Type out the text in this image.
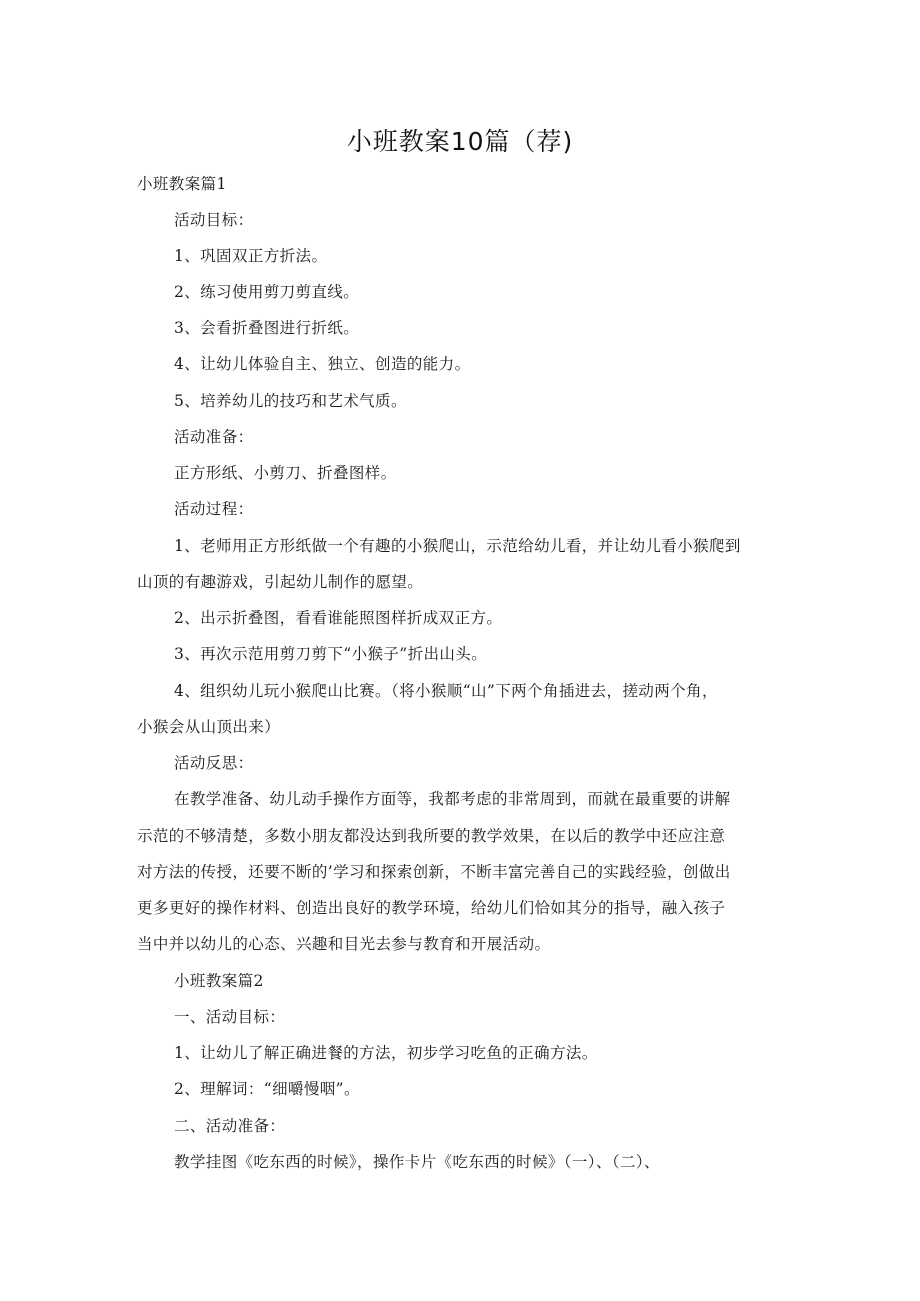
小班教案10篇（荐)
小班教案篇1
活动目标：
1、巩固双正方折法。
2、练习使用剪刀剪直线。
3、会看折叠图进行折纸。
4、让幼儿体验自主、独立、创造的能力。
5、培养幼儿的技巧和艺术气质。
活动准备：
正方形纸、小剪刀、折叠图样。
活动过程：
1、老师用正方形纸做一个有趣的小猴爬山，示范给幼儿看，并让幼儿看小猴爬到
山顶的有趣游戏，引起幼儿制作的愿望。
2、出示折叠图，看看谁能照图样折成双正方。
3、再次示范用剪刀剪下“小猴子”折出山头。
4、组织幼儿玩小猴爬山比赛。（将小猴顺“山”下两个角插进去，搓动两个角，
小猴会从山顶出来）
活动反思：
在教学准备、幼儿动手操作方面等，我都考虑的非常周到，而就在最重要的讲解
示范的不够清楚，多数小朋友都没达到我所要的教学效果，在以后的教学中还应注意
对方法的传授，还要不断的’学习和探索创新，不断丰富完善自己的实践经验，创做出
更多更好的操作材料、创造出良好的教学环境，给幼儿们恰如其分的指导，融入孩子
当中并以幼儿的心态、兴趣和目光去参与教育和开展活动。
小班教案篇2
一、活动目标：
1、让幼儿了解正确进餐的方法，初步学习吃鱼的正确方法。
2、理解词：“细嚼慢咽”。
二、活动准备：
教学挂图《吃东西的时候》，操作卡片《吃东西的时候》（一）、（二）、
